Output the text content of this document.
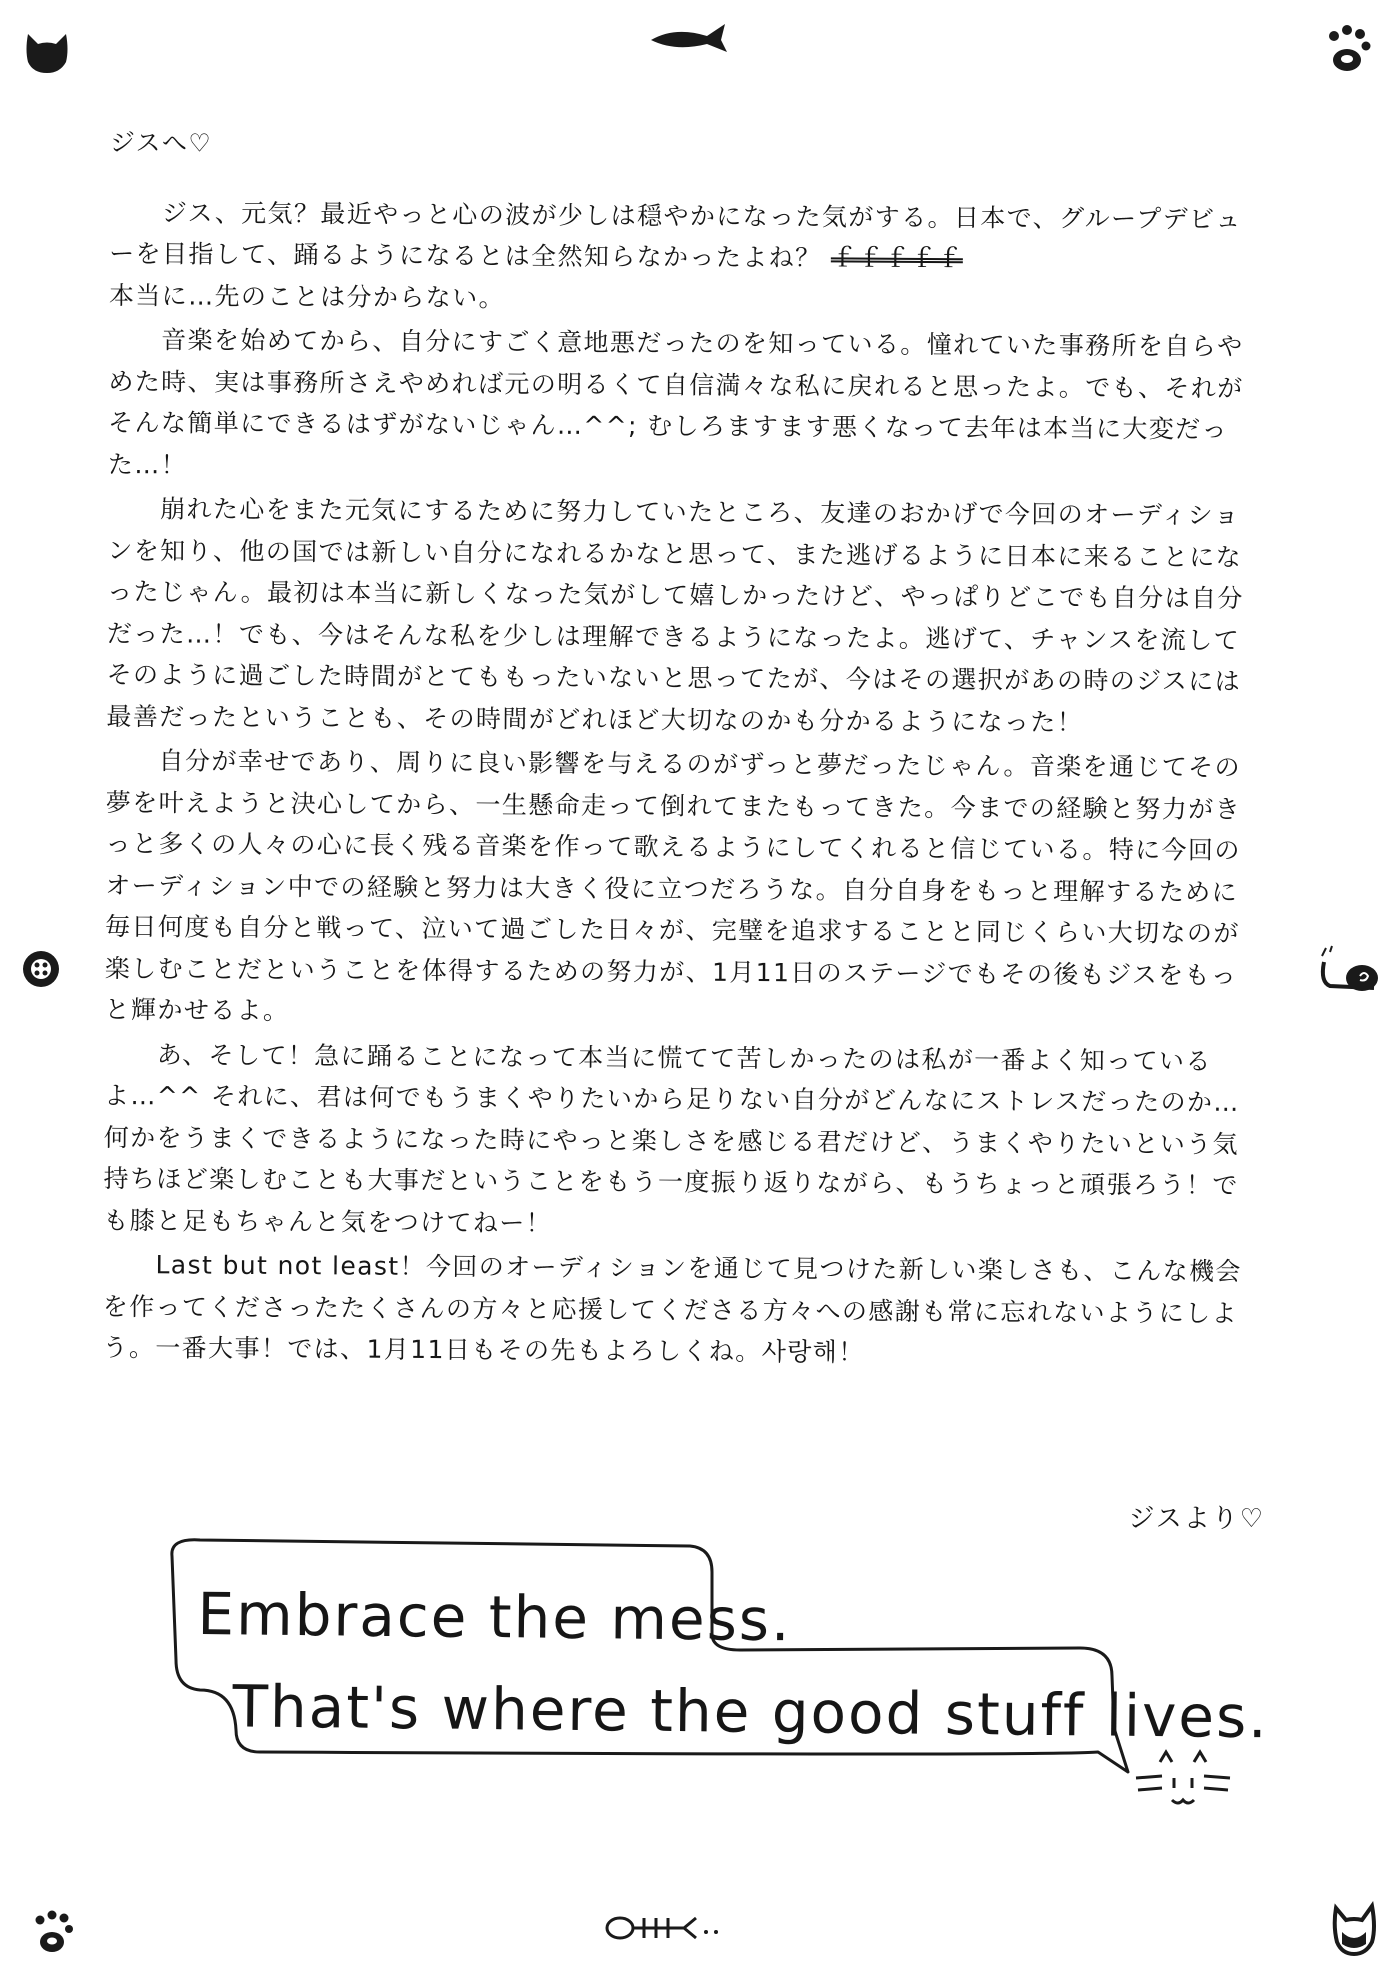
ジスへ♡

ジス、元気？最近やっと心の波が少しは穏やかになった気がする。日本で、グループデビューを目指して、踊るようになるとは全然知らなかったよね？ ｆｆｆｆｆ
本当に…先のことは分からない。

音楽を始めてから、自分にすごく意地悪だったのを知っている。憧れていた事務所を自らやめた時、実は事務所さえやめれば元の明るくて自信満々な私に戻れると思ったよ。でも、それがそんな簡単にできるはずがないじゃん…^^; むしろますます悪くなって去年は本当に大変だった…！

崩れた心をまた元気にするために努力していたところ、友達のおかげで今回のオーディションを知り、他の国では新しい自分になれるかなと思って、また逃げるように日本に来ることになったじゃん。最初は本当に新しくなった気がして嬉しかったけど、やっぱりどこでも自分は自分だった…！でも、今はそんな私を少しは理解できるようになったよ。逃げて、チャンスを流してそのように過ごした時間がとてももったいないと思ってたが、今はその選択があの時のジスには最善だったということも、その時間がどれほど大切なのかも分かるようになった！

自分が幸せであり、周りに良い影響を与えるのがずっと夢だったじゃん。音楽を通じてその夢を叶えようと決心してから、一生懸命走って倒れてまたもってきた。今までの経験と努力がきっと多くの人々の心に長く残る音楽を作って歌えるようにしてくれると信じている。特に今回のオーディション中での経験と努力は大きく役に立つだろうな。自分自身をもっと理解するために毎日何度も自分と戦って、泣いて過ごした日々が、完璧を追求することと同じくらい大切なのが楽しむことだということを体得するための努力が、1月11日のステージでもその後もジスをもっと輝かせるよ。

あ、そして！急に踊ることになって本当に慌てて苦しかったのは私が一番よく知っているよ…^^ それに、君は何でもうまくやりたいから足りない自分がどんなにストレスだったのか…何かをうまくできるようになった時にやっと楽しさを感じる君だけど、うまくやりたいという気持ちほど楽しむことも大事だということをもう一度振り返りながら、もうちょっと頑張ろう！でも膝と足もちゃんと気をつけてねー！

Last but not least！今回のオーディションを通じて見つけた新しい楽しさも、こんな機会を作ってくださったたくさんの方々と応援してくださる方々への感謝も常に忘れないようにしよう。一番大事！では、1月11日もその先もよろしくね。사랑해！

ジスより♡
Embrace the mess.
That's where the good stuff lives.
